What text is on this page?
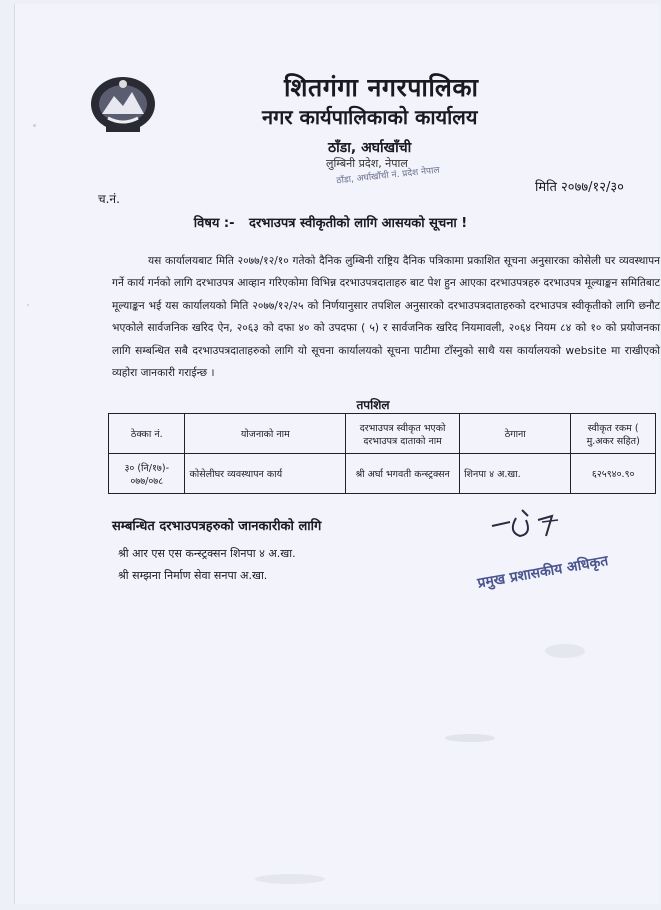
शितगंगा नगरपालिका
नगर कार्यपालिकाको कार्यालय
ठाँडा, अर्घाखाँची
लुम्बिनी प्रदेश, नेपाल
ठाँडा, अर्घाखाँची नं. प्रदेश नेपाल
च.नं.
मिति २०७७/१२/३०
विषय :- दरभाउपत्र स्वीकृतीको लागि आसयको सूचना !
यस कार्यालयबाट मिति २०७७/१२/१० गतेको दैनिक लुम्बिनी राष्ट्रिय दैनिक पत्रिकामा प्रकाशित सूचना अनुसारका कोसेली घर व्यवस्थापन गर्ने कार्य गर्नको लागि दरभाउपत्र आव्हान गरिएकोमा विभिन्न दरभाउपत्रदाताहरु बाट पेश हुन आएका दरभाउपत्रहरु दरभाउपत्र मूल्याङ्कन समितिबाट मूल्याङ्कन भई यस कार्यालयको मिति २०७७/१२/२५ को निर्णयानुसार तपशिल अनुसारको दरभाउपत्रदाताहरुको दरभाउपत्र स्वीकृतीको लागि छनौट भएकोले सार्वजनिक खरिद ऐन, २०६३ को दफा ४० को उपदफा ( ५) र सार्वजनिक खरिद नियमावली, २०६४ नियम ८४ को १० को प्रयोजनका लागि सम्बन्धित सबै दरभाउपत्रदाताहरुको लागि यो सूचना कार्यालयको सूचना पाटीमा टाँस्नुको साथै यस कार्यालयको website मा राखीएको व्यहोरा जानकारी गराईन्छ ।
तपशिल
ठेक्का नं.	योजनाको नाम	दरभाउपत्र स्वीकृत भएको दरभाउपत्र दाताको नाम	ठेगाना	स्वीकृत रकम ( मु.अकर सहित)
३० (नि/१७)- ०७७/०७८	कोसेलीघर व्यवस्थापन कार्य	श्री अर्घा भगवती कन्स्ट्रक्सन	शिनपा ४ अ.खा.	६२५९४०.९०
सम्बन्धित दरभाउपत्रहरुको जानकारीको लागि
श्री आर एस एस कन्स्ट्रक्सन शिनपा ४ अ.खा.
श्री सम्झना निर्माण सेवा सनपा अ.खा.	प्रमुख प्रशासकीय अधिकृत
